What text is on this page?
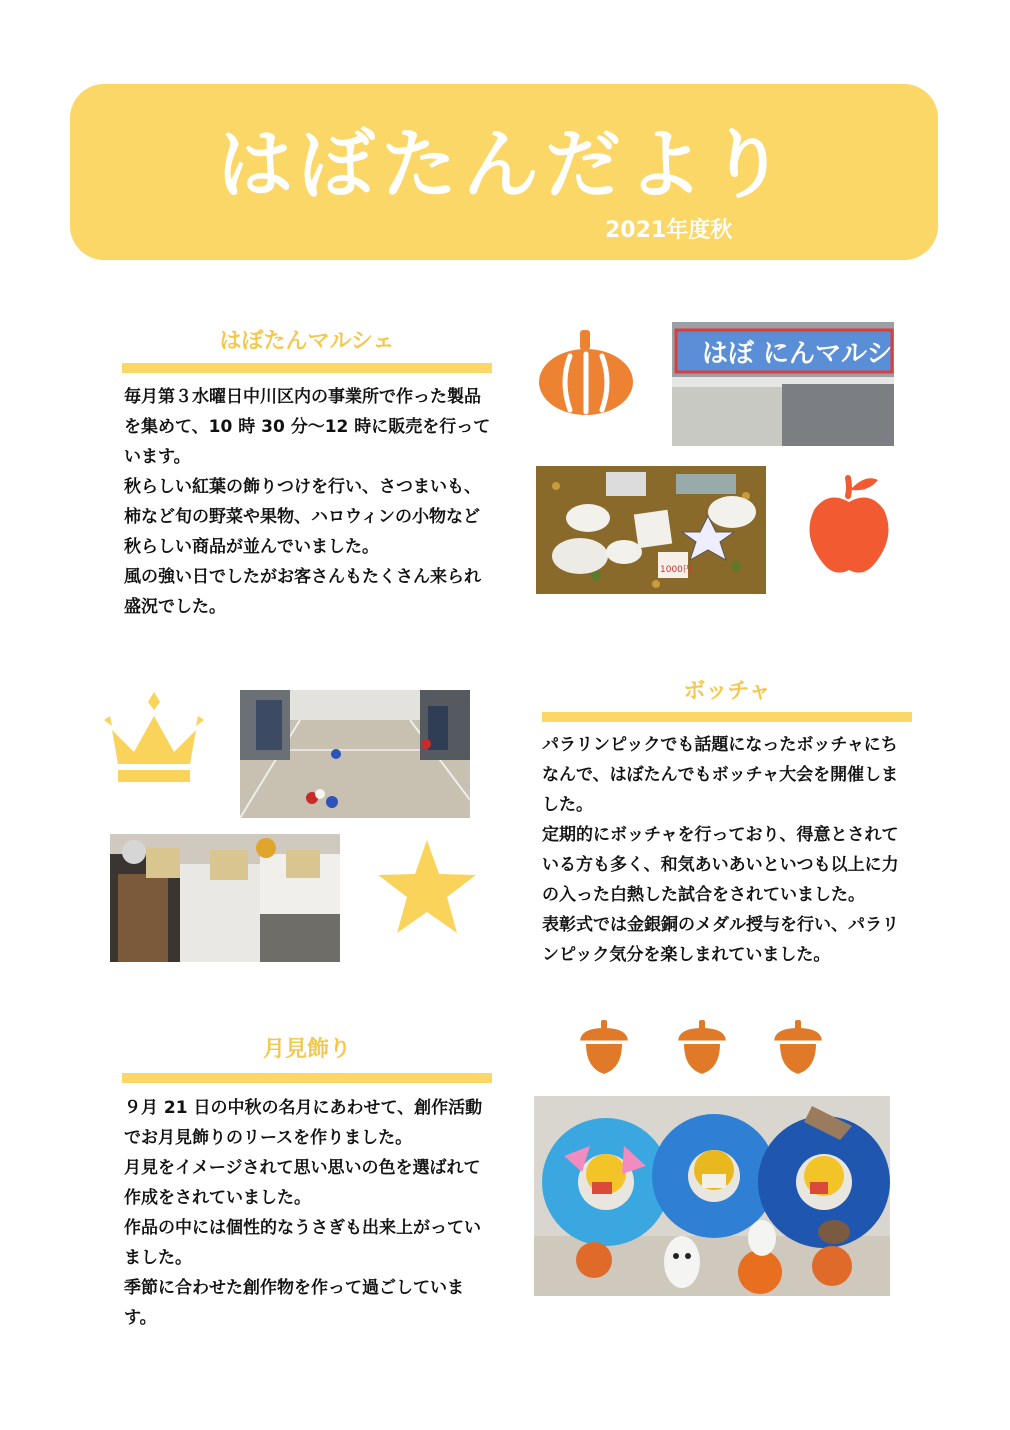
はぼたんだより
2021年度秋
はぼたんマルシェ
毎月第３水曜日中川区内の事業所で作った製品を集めて、10 時 30 分～12 時に販売を行っています。
秋らしい紅葉の飾りつけを行い、さつまいも、柿など旬の野菜や果物、ハロウィンの小物など秋らしい商品が並んでいました。
風の強い日でしたがお客さんもたくさん来られ盛況でした。
はぼ にんマルシェ
1000円
ボッチャ
パラリンピックでも話題になったボッチャにちなんで、はぼたんでもボッチャ大会を開催しました。
定期的にボッチャを行っており、得意とされている方も多く、和気あいあいといつも以上に力の入った白熱した試合をされていました。
表彰式では金銀銅のメダル授与を行い、パラリンピック気分を楽しまれていました。
月見飾り
９月 21 日の中秋の名月にあわせて、創作活動でお月見飾りのリースを作りました。
月見をイメージされて思い思いの色を選ばれて作成をされていました。
作品の中には個性的なうさぎも出来上がっていました。
季節に合わせた創作物を作って過ごしています。
